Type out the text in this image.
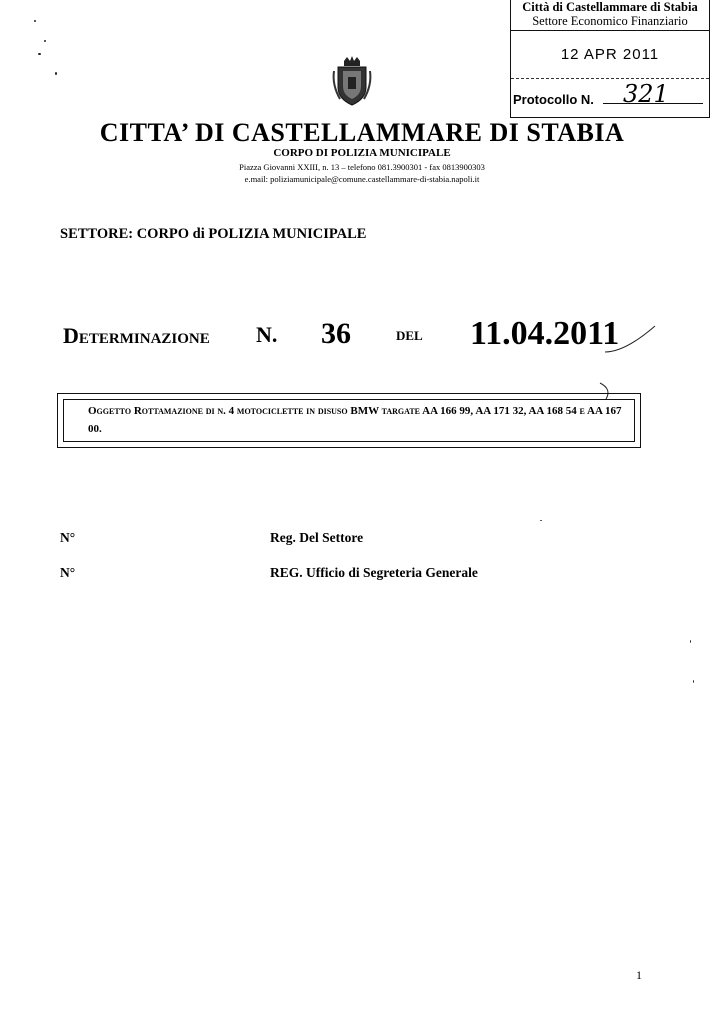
Città di Castellammare di Stabia
Settore Economico Finanziario
12 APR 2011
Protocollo N. 321
CITTA’ DI CASTELLAMMARE DI STABIA
CORPO DI POLIZIA MUNICIPALE
Piazza Giovanni XXIII, n. 13 – telefono 081.3900301 - fax 0813900303
e.mail: poliziamunicipale@comune.castellammare-di-stabia.napoli.it
SETTORE: CORPO di POLIZIA MUNICIPALE
Determinazione N. 36	del 11.04.2011
Oggetto Rottamazione di n. 4 motociclette in disuso BMW targate AA 166 99, AA 171 32, AA 168 54 e AA 167 00.
N°	Reg. Del Settore
N°	REG. Ufficio di Segreteria Generale
1
